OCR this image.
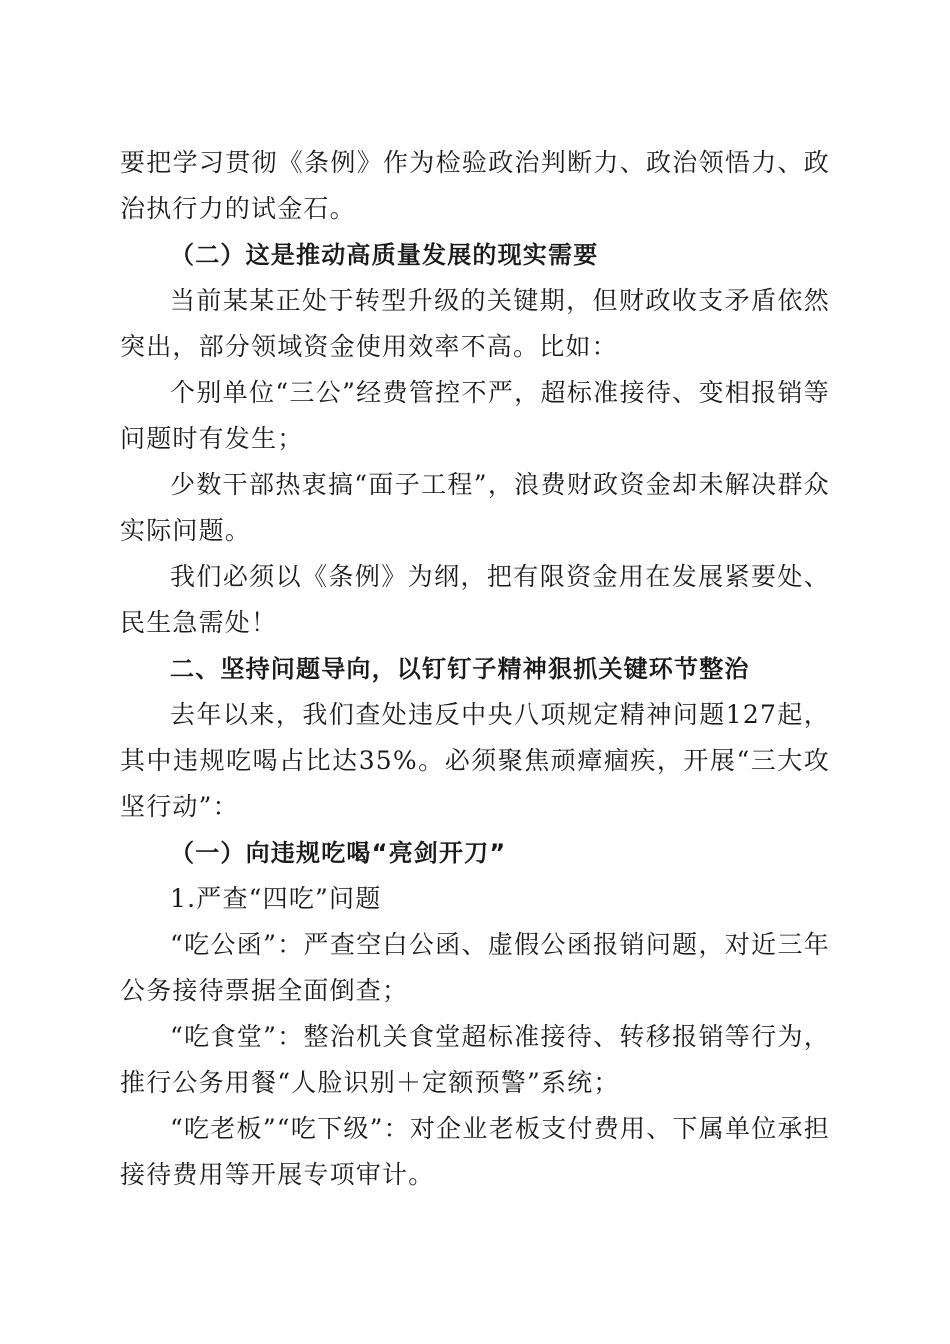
要把学习贯彻《条例》作为检验政治判断力、政治领悟力、政治执行力的试金石。

（二）这是推动高质量发展的现实需要

当前某某正处于转型升级的关键期，但财政收支矛盾依然突出，部分领域资金使用效率不高。比如：

个别单位“三公”经费管控不严，超标准接待、变相报销等问题时有发生；

少数干部热衷搞“面子工程”，浪费财政资金却未解决群众实际问题。

我们必须以《条例》为纲，把有限资金用在发展紧要处、民生急需处！

二、坚持问题导向，以钉钉子精神狠抓关键环节整治

去年以来，我们查处违反中央八项规定精神问题127起，其中违规吃喝占比达35%。必须聚焦顽瘴痼疾，开展“三大攻坚行动”：

（一）向违规吃喝“亮剑开刀”

1.严查“四吃”问题

“吃公函”：严查空白公函、虚假公函报销问题，对近三年公务接待票据全面倒查；

“吃食堂”：整治机关食堂超标准接待、转移报销等行为，推行公务用餐“人脸识别＋定额预警”系统；

“吃老板”“吃下级”：对企业老板支付费用、下属单位承担接待费用等开展专项审计。
